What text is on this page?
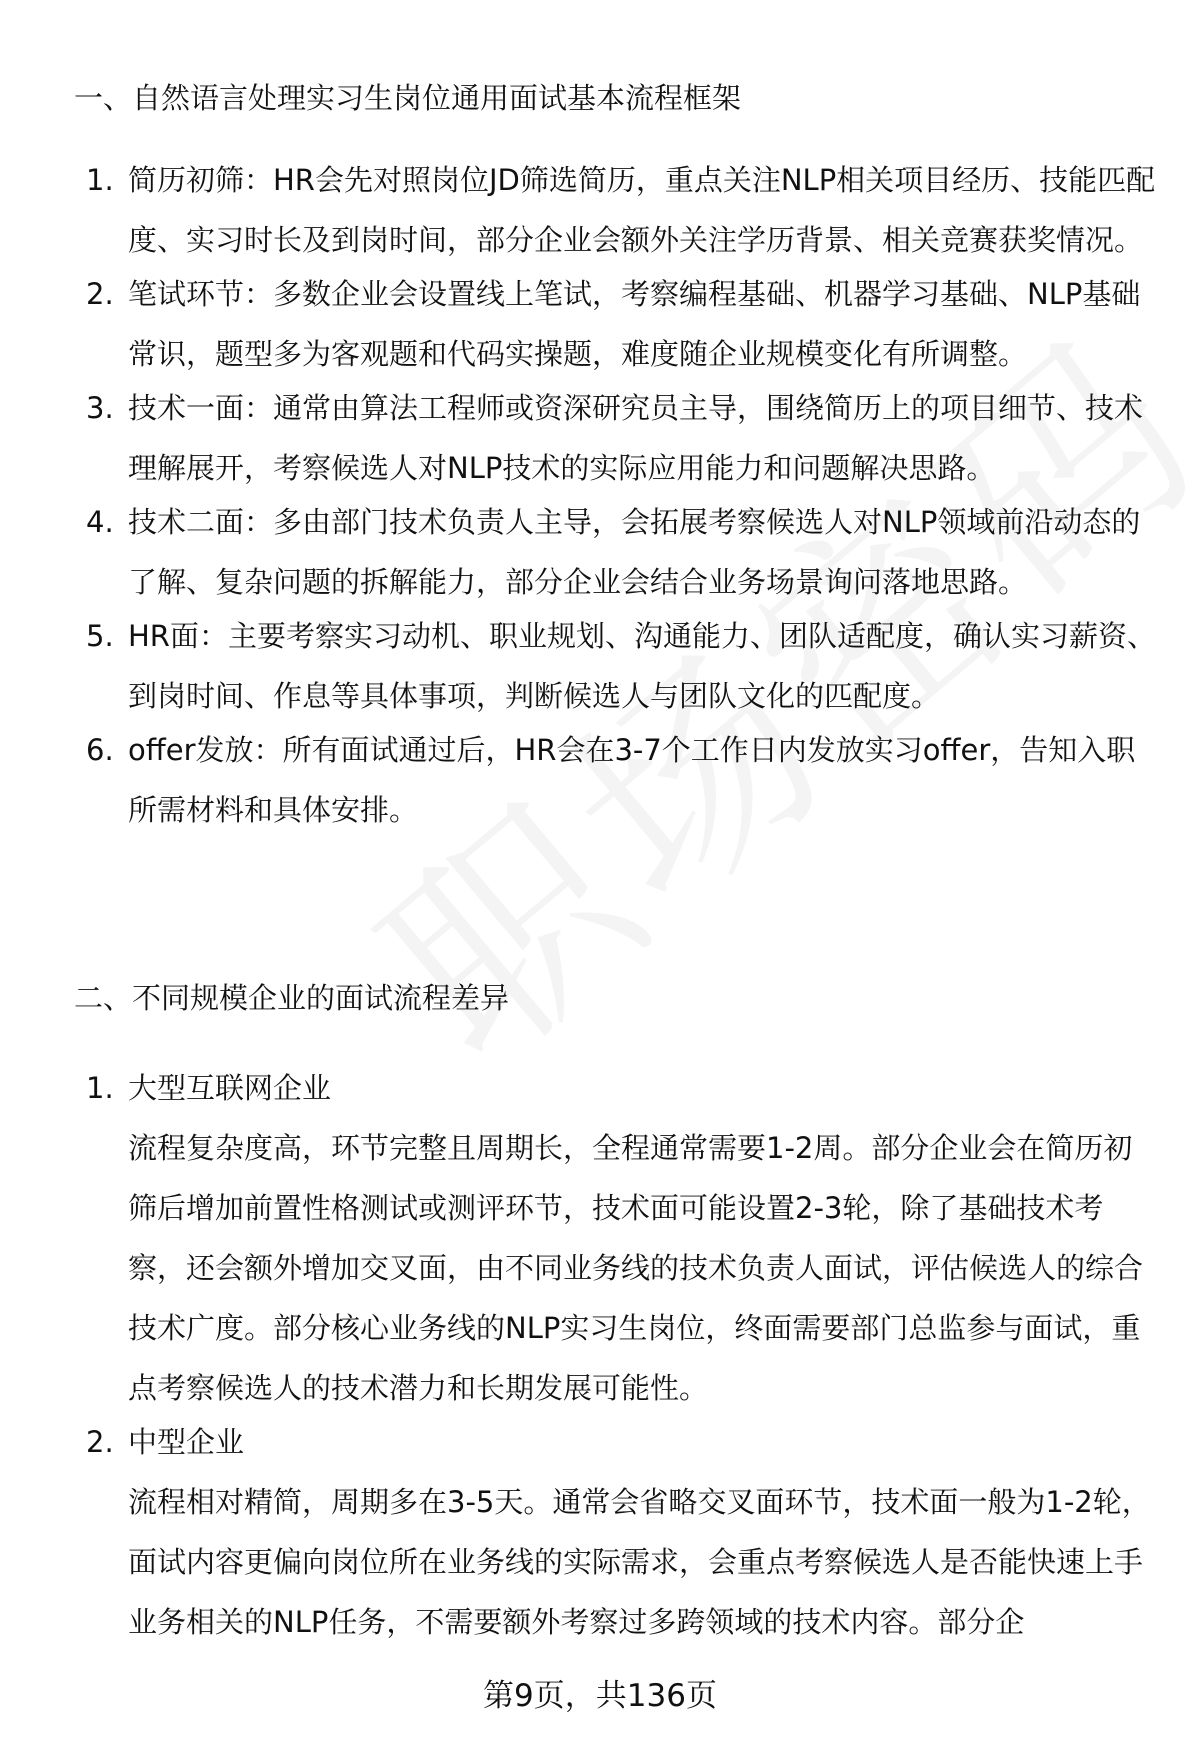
一、自然语言处理实习生岗位通用面试基本流程框架
1. 简历初筛：HR会先对照岗位JD筛选简历，重点关注NLP相关项目经历、技能匹配度、实习时长及到岗时间，部分企业会额外关注学历背景、相关竞赛获奖情况。
2. 笔试环节：多数企业会设置线上笔试，考察编程基础、机器学习基础、NLP基础常识，题型多为客观题和代码实操题，难度随企业规模变化有所调整。
3. 技术一面：通常由算法工程师或资深研究员主导，围绕简历上的项目细节、技术理解展开，考察候选人对NLP技术的实际应用能力和问题解决思路。
4. 技术二面：多由部门技术负责人主导，会拓展考察候选人对NLP领域前沿动态的了解、复杂问题的拆解能力，部分企业会结合业务场景询问落地思路。
5. HR面：主要考察实习动机、职业规划、沟通能力、团队适配度，确认实习薪资、到岗时间、作息等具体事项，判断候选人与团队文化的匹配度。
6. offer发放：所有面试通过后，HR会在3-7个工作日内发放实习offer，告知入职所需材料和具体安排。
二、不同规模企业的面试流程差异
1. 大型互联网企业
流程复杂度高，环节完整且周期长，全程通常需要1-2周。部分企业会在简历初筛后增加前置性格测试或测评环节，技术面可能设置2-3轮，除了基础技术考察，还会额外增加交叉面，由不同业务线的技术负责人面试，评估候选人的综合技术广度。部分核心业务线的NLP实习生岗位，终面需要部门总监参与面试，重点考察候选人的技术潜力和长期发展可能性。
2. 中型企业
流程相对精简，周期多在3-5天。通常会省略交叉面环节，技术面一般为1-2轮，面试内容更偏向岗位所在业务线的实际需求，会重点考察候选人是否能快速上手业务相关的NLP任务，不需要额外考察过多跨领域的技术内容。部分企
第9页，共136页
